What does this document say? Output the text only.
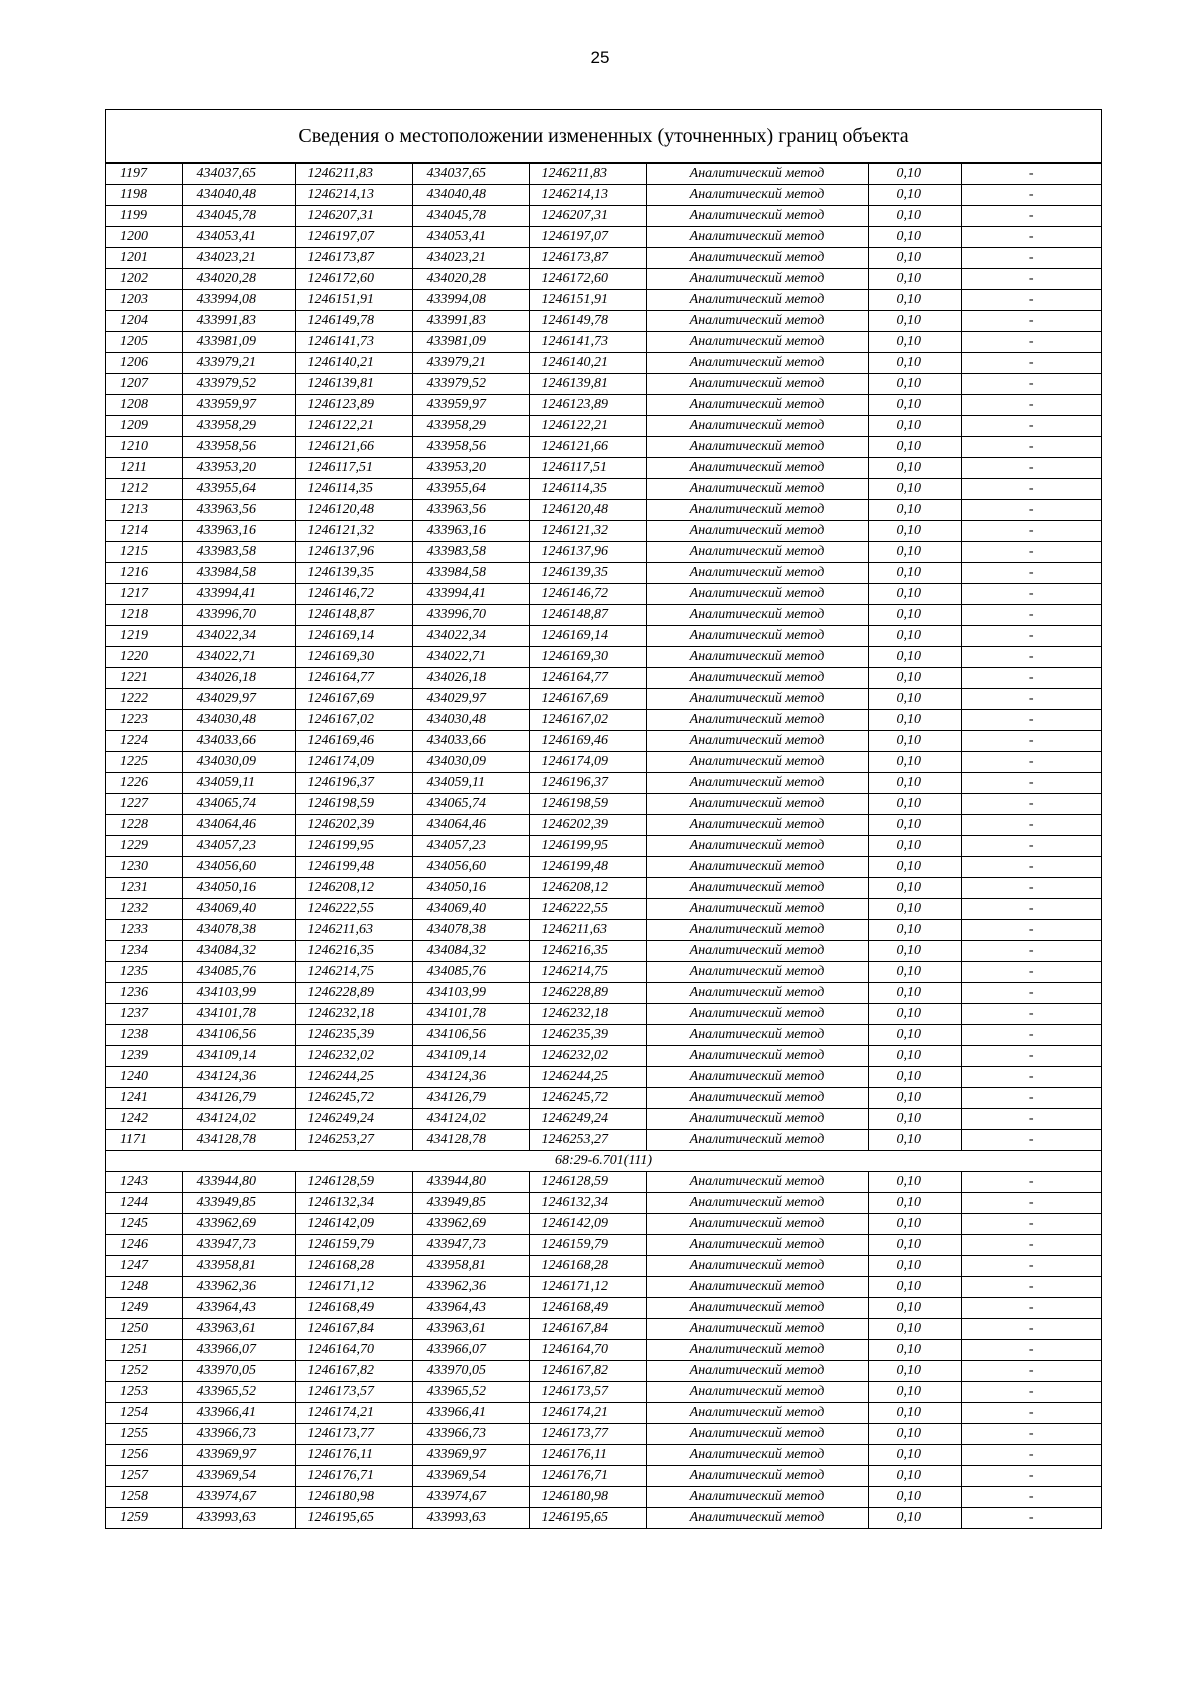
25
Сведения о местоположении измененных (уточненных) границ объекта
1197	434037,65	1246211,83	434037,65	1246211,83	Аналитический метод	0,10	-
1198	434040,48	1246214,13	434040,48	1246214,13	Аналитический метод	0,10	-
1199	434045,78	1246207,31	434045,78	1246207,31	Аналитический метод	0,10	-
1200	434053,41	1246197,07	434053,41	1246197,07	Аналитический метод	0,10	-
1201	434023,21	1246173,87	434023,21	1246173,87	Аналитический метод	0,10	-
1202	434020,28	1246172,60	434020,28	1246172,60	Аналитический метод	0,10	-
1203	433994,08	1246151,91	433994,08	1246151,91	Аналитический метод	0,10	-
1204	433991,83	1246149,78	433991,83	1246149,78	Аналитический метод	0,10	-
1205	433981,09	1246141,73	433981,09	1246141,73	Аналитический метод	0,10	-
1206	433979,21	1246140,21	433979,21	1246140,21	Аналитический метод	0,10	-
1207	433979,52	1246139,81	433979,52	1246139,81	Аналитический метод	0,10	-
1208	433959,97	1246123,89	433959,97	1246123,89	Аналитический метод	0,10	-
1209	433958,29	1246122,21	433958,29	1246122,21	Аналитический метод	0,10	-
1210	433958,56	1246121,66	433958,56	1246121,66	Аналитический метод	0,10	-
1211	433953,20	1246117,51	433953,20	1246117,51	Аналитический метод	0,10	-
1212	433955,64	1246114,35	433955,64	1246114,35	Аналитический метод	0,10	-
1213	433963,56	1246120,48	433963,56	1246120,48	Аналитический метод	0,10	-
1214	433963,16	1246121,32	433963,16	1246121,32	Аналитический метод	0,10	-
1215	433983,58	1246137,96	433983,58	1246137,96	Аналитический метод	0,10	-
1216	433984,58	1246139,35	433984,58	1246139,35	Аналитический метод	0,10	-
1217	433994,41	1246146,72	433994,41	1246146,72	Аналитический метод	0,10	-
1218	433996,70	1246148,87	433996,70	1246148,87	Аналитический метод	0,10	-
1219	434022,34	1246169,14	434022,34	1246169,14	Аналитический метод	0,10	-
1220	434022,71	1246169,30	434022,71	1246169,30	Аналитический метод	0,10	-
1221	434026,18	1246164,77	434026,18	1246164,77	Аналитический метод	0,10	-
1222	434029,97	1246167,69	434029,97	1246167,69	Аналитический метод	0,10	-
1223	434030,48	1246167,02	434030,48	1246167,02	Аналитический метод	0,10	-
1224	434033,66	1246169,46	434033,66	1246169,46	Аналитический метод	0,10	-
1225	434030,09	1246174,09	434030,09	1246174,09	Аналитический метод	0,10	-
1226	434059,11	1246196,37	434059,11	1246196,37	Аналитический метод	0,10	-
1227	434065,74	1246198,59	434065,74	1246198,59	Аналитический метод	0,10	-
1228	434064,46	1246202,39	434064,46	1246202,39	Аналитический метод	0,10	-
1229	434057,23	1246199,95	434057,23	1246199,95	Аналитический метод	0,10	-
1230	434056,60	1246199,48	434056,60	1246199,48	Аналитический метод	0,10	-
1231	434050,16	1246208,12	434050,16	1246208,12	Аналитический метод	0,10	-
1232	434069,40	1246222,55	434069,40	1246222,55	Аналитический метод	0,10	-
1233	434078,38	1246211,63	434078,38	1246211,63	Аналитический метод	0,10	-
1234	434084,32	1246216,35	434084,32	1246216,35	Аналитический метод	0,10	-
1235	434085,76	1246214,75	434085,76	1246214,75	Аналитический метод	0,10	-
1236	434103,99	1246228,89	434103,99	1246228,89	Аналитический метод	0,10	-
1237	434101,78	1246232,18	434101,78	1246232,18	Аналитический метод	0,10	-
1238	434106,56	1246235,39	434106,56	1246235,39	Аналитический метод	0,10	-
1239	434109,14	1246232,02	434109,14	1246232,02	Аналитический метод	0,10	-
1240	434124,36	1246244,25	434124,36	1246244,25	Аналитический метод	0,10	-
1241	434126,79	1246245,72	434126,79	1246245,72	Аналитический метод	0,10	-
1242	434124,02	1246249,24	434124,02	1246249,24	Аналитический метод	0,10	-
1171	434128,78	1246253,27	434128,78	1246253,27	Аналитический метод	0,10	-
68:29-6.701(111)							
1243	433944,80	1246128,59	433944,80	1246128,59	Аналитический метод	0,10	-
1244	433949,85	1246132,34	433949,85	1246132,34	Аналитический метод	0,10	-
1245	433962,69	1246142,09	433962,69	1246142,09	Аналитический метод	0,10	-
1246	433947,73	1246159,79	433947,73	1246159,79	Аналитический метод	0,10	-
1247	433958,81	1246168,28	433958,81	1246168,28	Аналитический метод	0,10	-
1248	433962,36	1246171,12	433962,36	1246171,12	Аналитический метод	0,10	-
1249	433964,43	1246168,49	433964,43	1246168,49	Аналитический метод	0,10	-
1250	433963,61	1246167,84	433963,61	1246167,84	Аналитический метод	0,10	-
1251	433966,07	1246164,70	433966,07	1246164,70	Аналитический метод	0,10	-
1252	433970,05	1246167,82	433970,05	1246167,82	Аналитический метод	0,10	-
1253	433965,52	1246173,57	433965,52	1246173,57	Аналитический метод	0,10	-
1254	433966,41	1246174,21	433966,41	1246174,21	Аналитический метод	0,10	-
1255	433966,73	1246173,77	433966,73	1246173,77	Аналитический метод	0,10	-
1256	433969,97	1246176,11	433969,97	1246176,11	Аналитический метод	0,10	-
1257	433969,54	1246176,71	433969,54	1246176,71	Аналитический метод	0,10	-
1258	433974,67	1246180,98	433974,67	1246180,98	Аналитический метод	0,10	-
1259	433993,63	1246195,65	433993,63	1246195,65	Аналитический метод	0,10	-
